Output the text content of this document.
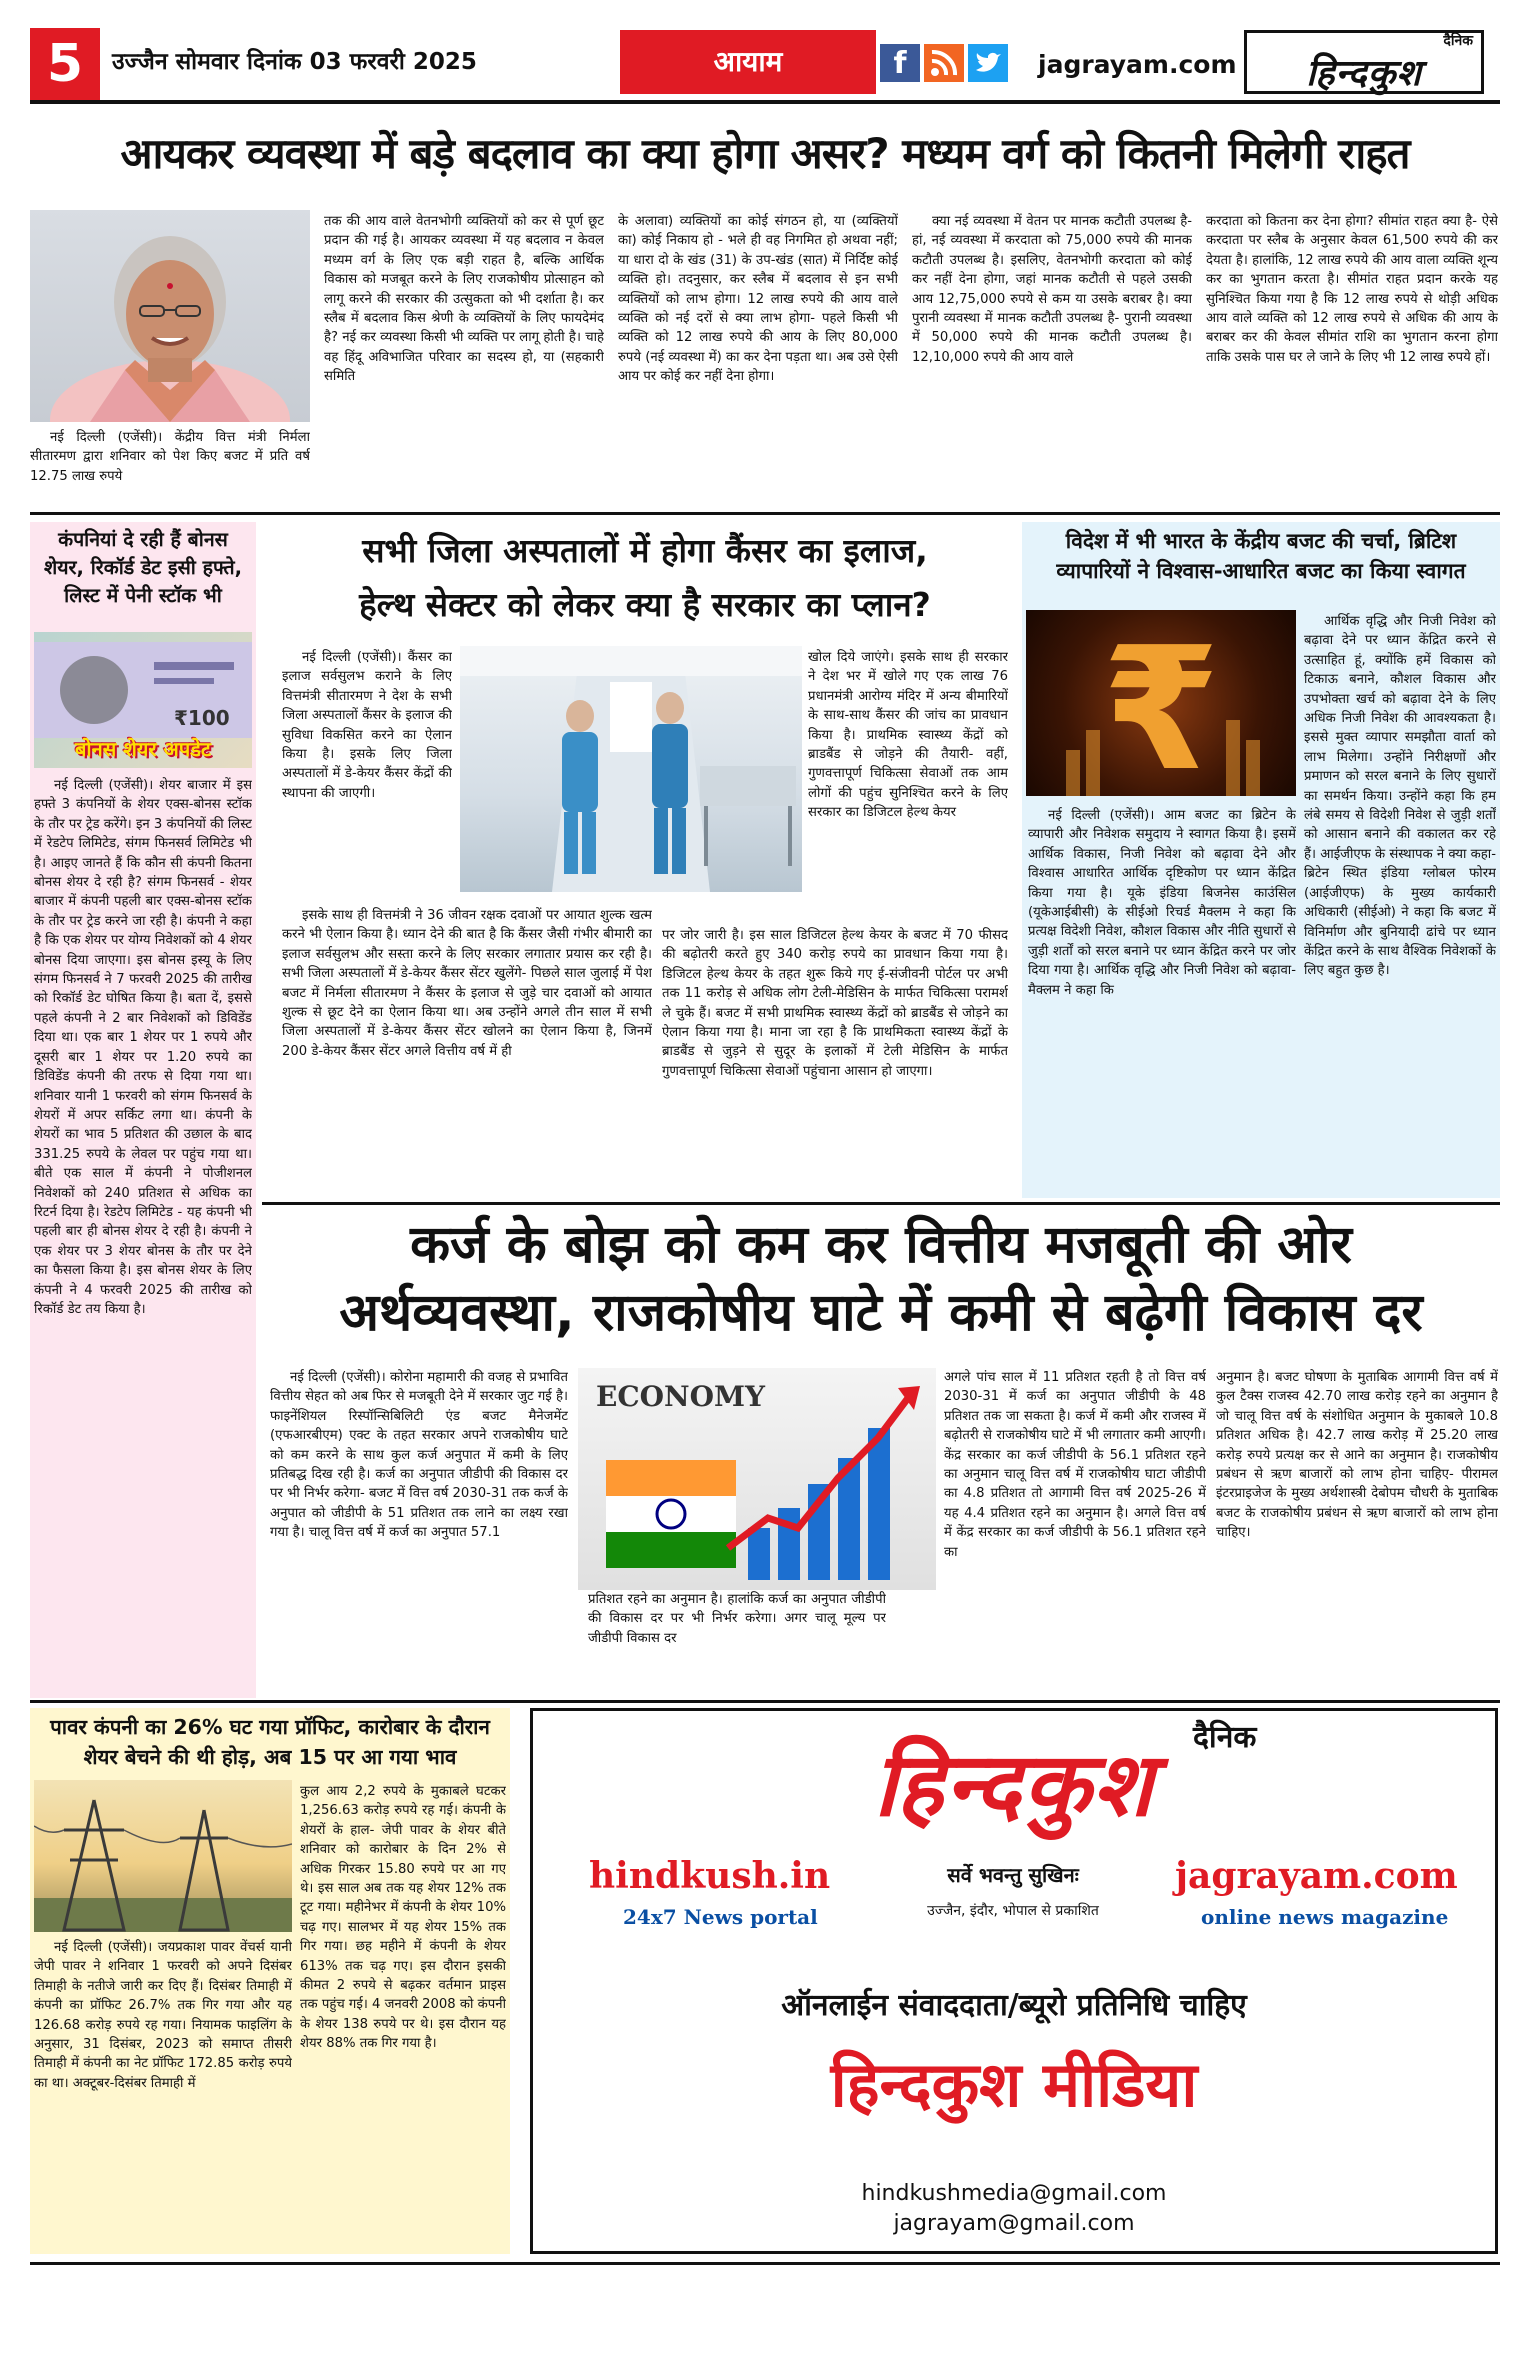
5	उज्जैन सोमवार दिनांक 03 फरवरी 2025	आयाम	f	jagrayam.com
दैनिक
हिन्दकुश
आयकर व्यवस्था में बड़े बदलाव का क्या होगा असर? मध्यम वर्ग को कितनी मिलेगी राहत
नई दिल्ली (एजेंसी)। केंद्रीय वित्त मंत्री निर्मला सीतारमण द्वारा शनिवार को पेश किए बजट में प्रति वर्ष 12.75 लाख रुपये
तक की आय वाले वेतनभोगी व्यक्तियों को कर से पूर्ण छूट प्रदान की गई है। आयकर व्यवस्था में यह बदलाव न केवल मध्यम वर्ग के लिए एक बड़ी राहत है, बल्कि आर्थिक विकास को मजबूत करने के लिए राजकोषीय प्रोत्साहन को लागू करने की सरकार की उत्सुकता को भी दर्शाता है। कर स्लैब में बदलाव किस श्रेणी के व्यक्तियों के लिए फायदेमंद है? नई कर व्यवस्था किसी भी व्यक्ति पर लागू होती है। चाहे वह हिंदू अविभाजित परिवार का सदस्य हो, या (सहकारी समिति
के अलावा) व्यक्तियों का कोई संगठन हो, या (व्यक्तियों का) कोई निकाय हो - भले ही वह निगमित हो अथवा नहीं; या धारा दो के खंड (31) के उप-खंड (सात) में निर्दिष्ट कोई व्यक्ति हो। तदनुसार, कर स्लैब में बदलाव से इन सभी व्यक्तियों को लाभ होगा। 12 लाख रुपये की आय वाले व्यक्ति को नई दरों से क्या लाभ होगा- पहले किसी भी व्यक्ति को 12 लाख रुपये की आय के लिए 80,000 रुपये (नई व्यवस्था में) का कर देना पड़ता था। अब उसे ऐसी आय पर कोई कर नहीं देना होगा।
क्या नई व्यवस्था में वेतन पर मानक कटौती उपलब्ध है- हां, नई व्यवस्था में करदाता को 75,000 रुपये की मानक कटौती उपलब्ध है। इसलिए, वेतनभोगी करदाता को कोई कर नहीं देना होगा, जहां मानक कटौती से पहले उसकी आय 12,75,000 रुपये से कम या उसके बराबर है। क्या पुरानी व्यवस्था में मानक कटौती उपलब्ध है- पुरानी व्यवस्था में 50,000 रुपये की मानक कटौती उपलब्ध है। 12,10,000 रुपये की आय वाले
करदाता को कितना कर देना होगा? सीमांत राहत क्या है- ऐसे करदाता पर स्लैब के अनुसार केवल 61,500 रुपये की कर देयता है। हालांकि, 12 लाख रुपये की आय वाला व्यक्ति शून्य कर का भुगतान करता है। सीमांत राहत प्रदान करके यह सुनिश्चित किया गया है कि 12 लाख रुपये से थोड़ी अधिक आय वाले व्यक्ति को 12 लाख रुपये से अधिक की आय के बराबर कर की केवल सीमांत राशि का भुगतान करना होगा ताकि उसके पास घर ले जाने के लिए भी 12 लाख रुपये हों।
कंपनियां दे रही हैं बोनस शेयर, रिकॉर्ड डेट इसी हफ्ते, लिस्ट में पेनी स्टॉक भी
₹100
बोनस शेयर अपडेट
नई दिल्ली (एजेंसी)। शेयर बाजार में इस हफ्ते 3 कंपनियों के शेयर एक्स-बोनस स्टॉक के तौर पर ट्रेड करेंगे। इन 3 कंपनियों की लिस्ट में रेडटेप लिमिटेड, संगम फिनसर्व लिमिटेड भी है। आइए जानते हैं कि कौन सी कंपनी कितना बोनस शेयर दे रही है? संगम फिनसर्व - शेयर बाजार में कंपनी पहली बार एक्स-बोनस स्टॉक के तौर पर ट्रेड करने जा रही है। कंपनी ने कहा है कि एक शेयर पर योग्य निवेशकों को 4 शेयर बोनस दिया जाएगा। इस बोनस इस्यू के लिए संगम फिनसर्व ने 7 फरवरी 2025 की तारीख को रिकॉर्ड डेट घोषित किया है। बता दें, इससे पहले कंपनी ने 2 बार निवेशकों को डिविडेंड दिया था। एक बार 1 शेयर पर 1 रुपये और दूसरी बार 1 शेयर पर 1.20 रुपये का डिविडेंड कंपनी की तरफ से दिया गया था। शनिवार यानी 1 फरवरी को संगम फिनसर्व के शेयरों में अपर सर्किट लगा था। कंपनी के शेयरों का भाव 5 प्रतिशत की उछाल के बाद 331.25 रुपये के लेवल पर पहुंच गया था। बीते एक साल में कंपनी ने पोजीशनल निवेशकों को 240 प्रतिशत से अधिक का रिटर्न दिया है। रेडटेप लिमिटेड - यह कंपनी भी पहली बार ही बोनस शेयर दे रही है। कंपनी ने एक शेयर पर 3 शेयर बोनस के तौर पर देने का फैसला किया है। इस बोनस शेयर के लिए कंपनी ने 4 फरवरी 2025 की तारीख को रिकॉर्ड डेट तय किया है।
सभी जिला अस्पतालों में होगा कैंसर का इलाज,
हेल्थ सेक्टर को लेकर क्या है सरकार का प्लान?
नई दिल्ली (एजेंसी)। कैंसर का इलाज सर्वसुलभ कराने के लिए वित्तमंत्री सीतारमण ने देश के सभी जिला अस्पतालों कैंसर के इलाज की सुविधा विकसित करने का ऐलान किया है। इसके लिए जिला अस्पतालों में डे-केयर कैंसर केंद्रों की स्थापना की जाएगी।
इसके साथ ही वित्तमंत्री ने 36 जीवन रक्षक दवाओं पर आयात शुल्क खत्म करने भी ऐलान किया है। ध्यान देने की बात है कि कैंसर जैसी गंभीर बीमारी का इलाज सर्वसुलभ और सस्ता करने के लिए सरकार लगातार प्रयास कर रही है। सभी जिला अस्पतालों में डे-केयर कैंसर सेंटर खुलेंगे- पिछले साल जुलाई में पेश बजट में निर्मला सीतारमण ने कैंसर के इलाज से जुड़े चार दवाओं को आयात शुल्क से छूट देने का ऐलान किया था। अब उन्होंने अगले तीन साल में सभी जिला अस्पतालों में डे-केयर कैंसर सेंटर खोलने का ऐलान किया है, जिनमें 200 डे-केयर कैंसर सेंटर अगले वित्तीय वर्ष में ही
खोल दिये जाएंगे। इसके साथ ही सरकार ने देश भर में खोले गए एक लाख 76 प्रधानमंत्री आरोग्य मंदिर में अन्य बीमारियों के साथ-साथ कैंसर की जांच का प्रावधान किया है। प्राथमिक स्वास्थ्य केंद्रों को ब्राडबैंड से जोड़ने की तैयारी- वहीं, गुणवत्तापूर्ण चिकित्सा सेवाओं तक आम लोगों की पहुंच सुनिश्चित करने के लिए सरकार का डिजिटल हेल्थ केयर
पर जोर जारी है। इस साल डिजिटल हेल्थ केयर के बजट में 70 फीसद की बढ़ोतरी करते हुए 340 करोड़ रुपये का प्रावधान किया गया है। डिजिटल हेल्थ केयर के तहत शुरू किये गए ई-संजीवनी पोर्टल पर अभी तक 11 करोड़ से अधिक लोग टेली-मेडिसिन के मार्फत चिकित्सा परामर्श ले चुके हैं। बजट में सभी प्राथमिक स्वास्थ्य केंद्रों को ब्राडबैंड से जोड़ने का ऐलान किया गया है। माना जा रहा है कि प्राथमिकता स्वास्थ्य केंद्रों के ब्राडबैंड से जुड़ने से सुदूर के इलाकों में टेली मेडिसिन के मार्फत गुणवत्तापूर्ण चिकित्सा सेवाओं पहुंचाना आसान हो जाएगा।
विदेश में भी भारत के केंद्रीय बजट की चर्चा, ब्रिटिश व्यापारियों ने विश्वास-आधारित बजट का किया स्वागत
₹	आर्थिक वृद्धि और निजी निवेश को बढ़ावा देने पर ध्यान केंद्रित करने से उत्साहित हूं, क्योंकि हमें विकास को टिकाऊ बनाने, कौशल विकास और उपभोक्ता खर्च को बढ़ावा देने के लिए अधिक निजी निवेश की आवश्यकता है। इससे मुक्त व्यापार समझौता वार्ता को लाभ मिलेगा। उन्होंने निरीक्षणों और प्रमाणन को सरल बनाने के लिए सुधारों का समर्थन किया। उन्होंने कहा कि हम लंबे समय से विदेशी निवेश से जुड़ी शर्तों को आसान बनाने की वकालत कर रहे हैं। आईजीएफ के संस्थापक ने क्या कहा- ब्रिटेन स्थित इंडिया ग्लोबल फोरम (आईजीएफ) के मुख्य कार्यकारी अधिकारी (सीईओ) ने कहा कि बजट में विनिर्माण और बुनियादी ढांचे पर ध्यान केंद्रित करने के साथ वैश्विक निवेशकों के लिए बहुत कुछ है।
नई दिल्ली (एजेंसी)। आम बजट का ब्रिटेन के व्यापारी और निवेशक समुदाय ने स्वागत किया है। इसमें आर्थिक विकास, निजी निवेश को बढ़ावा देने और विश्वास आधारित आर्थिक दृष्टिकोण पर ध्यान केंद्रित किया गया है। यूके इंडिया बिजनेस काउंसिल (यूकेआईबीसी) के सीईओ रिचर्ड मैक्लम ने कहा कि प्रत्यक्ष विदेशी निवेश, कौशल विकास और नीति सुधारों से जुड़ी शर्तों को सरल बनाने पर ध्यान केंद्रित करने पर जोर दिया गया है। आर्थिक वृद्धि और निजी निवेश को बढ़ावा- मैक्लम ने कहा कि
कर्ज के बोझ को कम कर वित्तीय मजबूती की ओर
अर्थव्यवस्था, राजकोषीय घाटे में कमी से बढ़ेगी विकास दर
नई दिल्ली (एजेंसी)। कोरोना महामारी की वजह से प्रभावित वित्तीय सेहत को अब फिर से मजबूती देने में सरकार जुट गई है। फाइनेंशियल रिस्पॉन्सिबिलिटी एंड बजट मैनेजमेंट (एफआरबीएम) एक्ट के तहत सरकार अपने राजकोषीय घाटे को कम करने के साथ कुल कर्ज अनुपात में कमी के लिए प्रतिबद्ध दिख रही है। कर्ज का अनुपात जीडीपी की विकास दर पर भी निर्भर करेगा- बजट में वित्त वर्ष 2030-31 तक कर्ज के अनुपात को जीडीपी के 51 प्रतिशत तक लाने का लक्ष्य रखा गया है। चालू वित्त वर्ष में कर्ज का अनुपात 57.1
ECONOMY
प्रतिशत रहने का अनुमान है। हालांकि कर्ज का अनुपात जीडीपी की विकास दर पर भी निर्भर करेगा। अगर चालू मूल्य पर जीडीपी विकास दर
अगले पांच साल में 11 प्रतिशत रहती है तो वित्त वर्ष 2030-31 में कर्ज का अनुपात जीडीपी के 48 प्रतिशत तक जा सकता है। कर्ज में कमी और राजस्व में बढ़ोतरी से राजकोषीय घाटे में भी लगातार कमी आएगी। केंद्र सरकार का कर्ज जीडीपी के 56.1 प्रतिशत रहने का अनुमान चालू वित्त वर्ष में राजकोषीय घाटा जीडीपी का 4.8 प्रतिशत तो आगामी वित्त वर्ष 2025-26 में यह 4.4 प्रतिशत रहने का अनुमान है। अगले वित्त वर्ष में केंद्र सरकार का कर्ज जीडीपी के 56.1 प्रतिशत रहने का
अनुमान है। बजट घोषणा के मुताबिक आगामी वित्त वर्ष में कुल टैक्स राजस्व 42.70 लाख करोड़ रहने का अनुमान है जो चालू वित्त वर्ष के संशोधित अनुमान के मुकाबले 10.8 प्रतिशत अधिक है। 42.7 लाख करोड़ में 25.20 लाख करोड़ रुपये प्रत्यक्ष कर से आने का अनुमान है। राजकोषीय प्रबंधन से ऋण बाजारों को लाभ होना चाहिए- पीरामल इंटरप्राइजेज के मुख्य अर्थशास्त्री देबोपम चौधरी के मुताबिक बजट के राजकोषीय प्रबंधन से ऋण बाजारों को लाभ होना चाहिए।
पावर कंपनी का 26% घट गया प्रॉफिट, कारोबार के दौरान शेयर बेचने की थी होड़, अब 15 पर आ गया भाव
कुल आय 2,2 रुपये के मुकाबले घटकर 1,256.63 करोड़ रुपये रह गई। कंपनी के शेयरों के हाल- जेपी पावर के शेयर बीते शनिवार को कारोबार के दिन 2% से अधिक गिरकर 15.80 रुपये पर आ गए थे। इस साल अब तक यह शेयर 12% तक टूट गया। महीनेभर में कंपनी के शेयर 10% चढ़ गए। सालभर में यह शेयर 15% तक गिर गया। छह महीने में कंपनी के शेयर 613% तक चढ़ गए। इस दौरान इसकी कीमत 2 रुपये से बढ़कर वर्तमान प्राइस तक पहुंच गई। 4 जनवरी 2008 को कंपनी के शेयर 138 रुपये पर थे। इस दौरान यह शेयर 88% तक गिर गया है।
नई दिल्ली (एजेंसी)। जयप्रकाश पावर वेंचर्स यानी जेपी पावर ने शनिवार 1 फरवरी को अपने दिसंबर तिमाही के नतीजे जारी कर दिए हैं। दिसंबर तिमाही में कंपनी का प्रॉफिट 26.7% तक गिर गया और यह 126.68 करोड़ रुपये रह गया। नियामक फाइलिंग के अनुसार, 31 दिसंबर, 2023 को समाप्त तीसरी तिमाही में कंपनी का नेट प्रॉफिट 172.85 करोड़ रुपये का था। अक्टूबर-दिसंबर तिमाही में
दैनिक
हिन्दकुश
hindkush.in
24x7 News portal
सर्वे भवन्तु सुखिनः
उज्जैन, इंदौर, भोपाल से प्रकाशित
jagrayam.com
online news magazine
ऑनलाईन संवाददाता/ब्यूरो प्रतिनिधि चाहिए
हिन्दकुश मीडिया
hindkushmedia@gmail.com
jagrayam@gmail.com
